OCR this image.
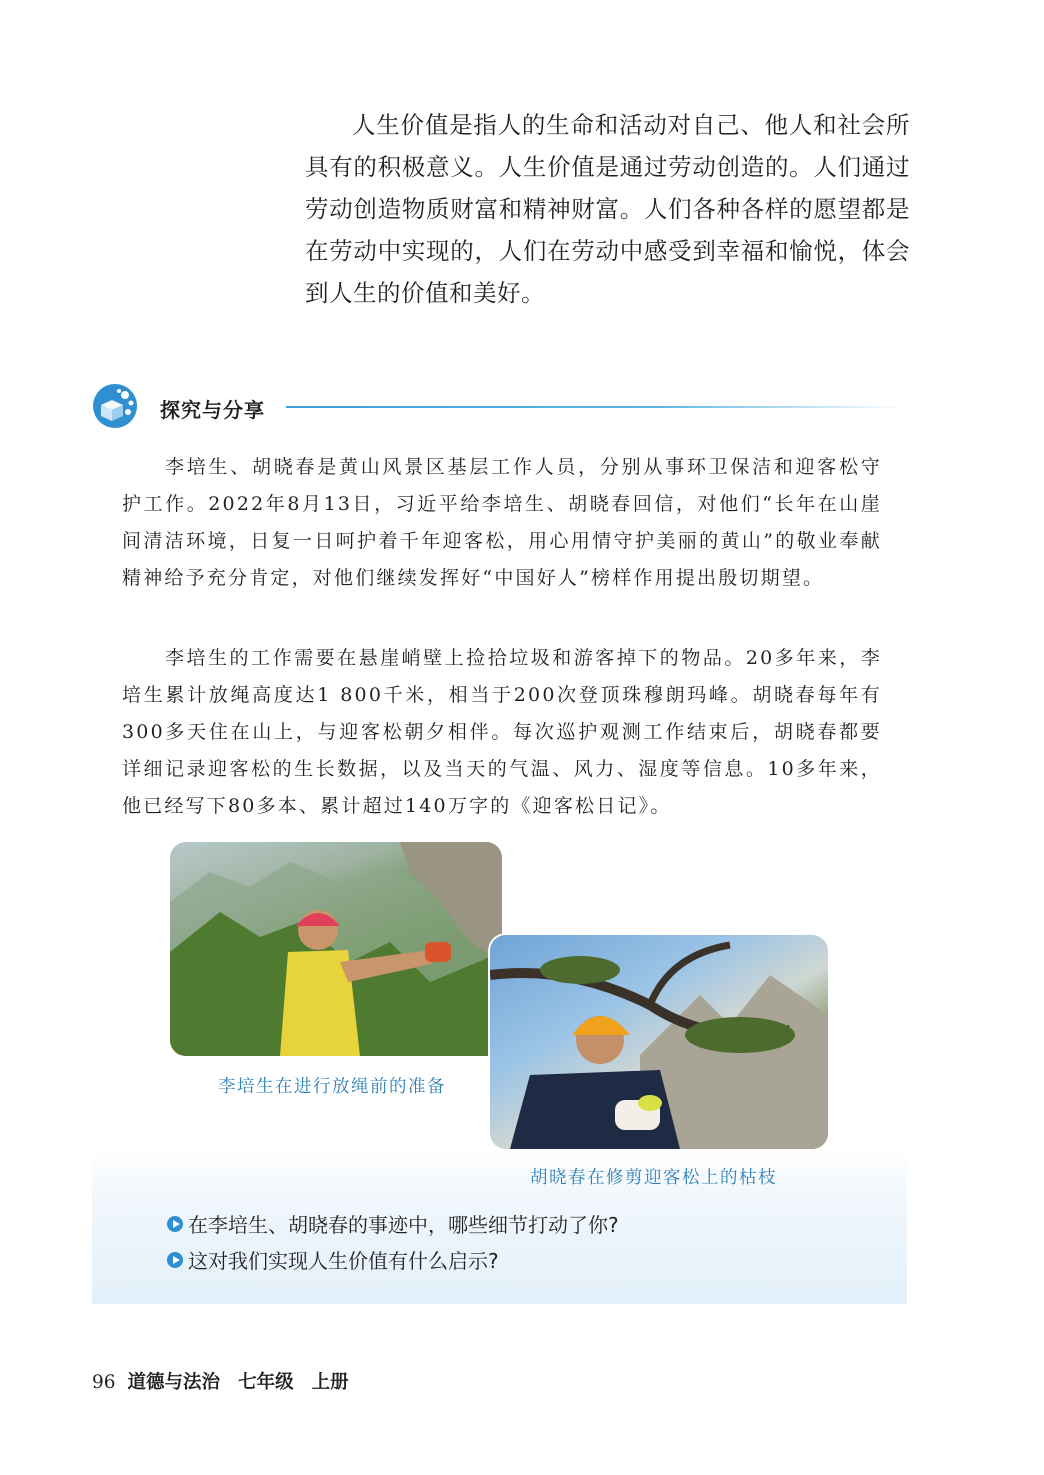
人生价值是指人的生命和活动对自己、他人和社会所具有的积极意义。人生价值是通过劳动创造的。人们通过劳动创造物质财富和精神财富。人们各种各样的愿望都是在劳动中实现的，人们在劳动中感受到幸福和愉悦，体会到人生的价值和美好。
探究与分享
李培生、胡晓春是黄山风景区基层工作人员，分别从事环卫保洁和迎客松守护工作。2022年8月13日，习近平给李培生、胡晓春回信，对他们“长年在山崖间清洁环境，日复一日呵护着千年迎客松，用心用情守护美丽的黄山”的敬业奉献精神给予充分肯定，对他们继续发挥好“中国好人”榜样作用提出殷切期望。
李培生的工作需要在悬崖峭壁上捡拾垃圾和游客掉下的物品。20多年来，李培生累计放绳高度达1 800千米，相当于200次登顶珠穆朗玛峰。胡晓春每年有300多天住在山上，与迎客松朝夕相伴。每次巡护观测工作结束后，胡晓春都要详细记录迎客松的生长数据，以及当天的气温、风力、湿度等信息。10多年来，他已经写下80多本、累计超过140万字的《迎客松日记》。
李培生在进行放绳前的准备
胡晓春在修剪迎客松上的枯枝
在李培生、胡晓春的事迹中，哪些细节打动了你?
这对我们实现人生价值有什么启示?
96 道德与法治 七年级 上册
